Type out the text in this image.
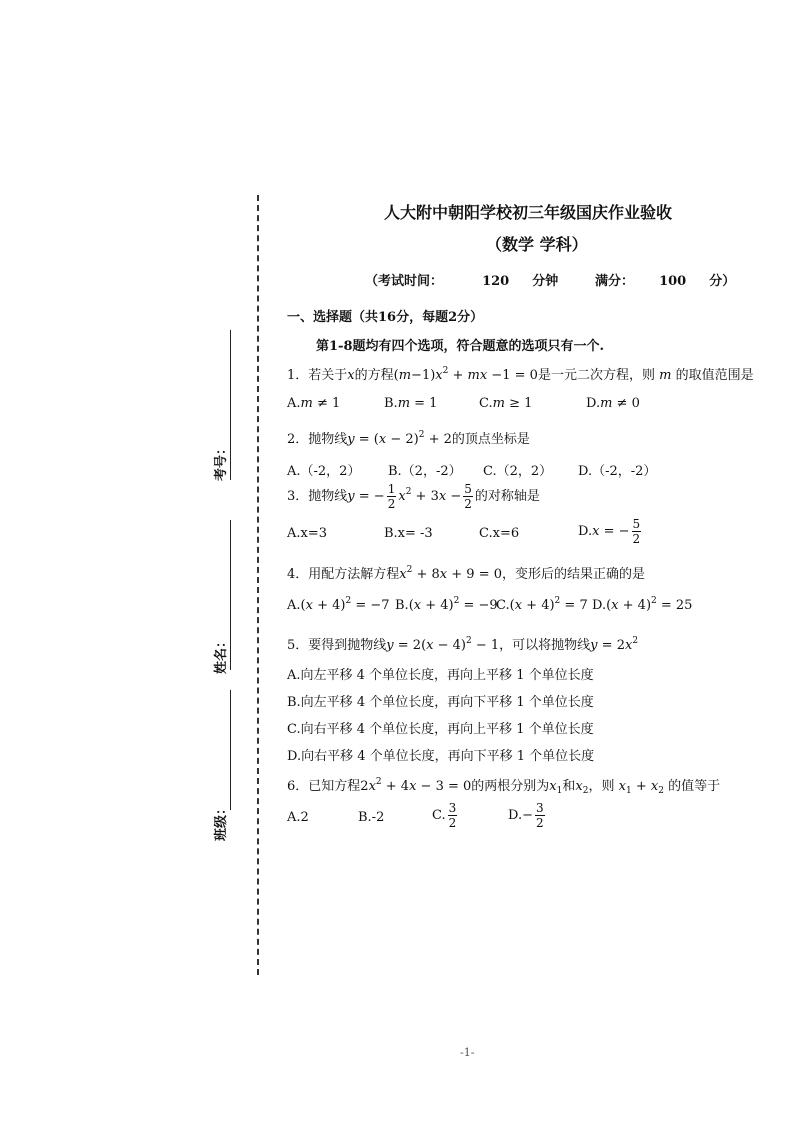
考号：
姓名：
班级：
人大附中朝阳学校初三年级国庆作业验收
（数学 学科）
（考试时间：	120 分钟	满分： 100 分）
一、选择题（共16分，每题2分）
第1-8题均有四个选项，符合题意的选项只有一个.
1．若关于x的方程$(m-1)x^2$ + mx −1 = 0是一元二次方程，则 m 的取值范围是
A.m ≠ 1	B.m = 1	C.m ≥ 1	D.m ≠ 0
2．抛物线$y = (x - 2)^2 + 2$的顶点坐标是
A.（-2，2） B.（2，-2） C.（2，2） D.（-2，-2）
3．抛物线y = − $\frac{1}{2} x^2 + 3x - \frac{5}{2}$ 的对称轴是
A.x=3	B.x= -3	C.x=6	D.x = − $\frac{5}{2}$
4．用配方法解方程$x^2 + 8x + 9 = 0$，变形后的结果正确的是
$A.(x + 4)^2 = -7$ $B.(x + 4)^2 = -9$
$C.(x + 4)^2 = 7$ $D.(x + 4)^2 = 25$
5．要得到抛物线$y = 2(x - 4)^2 - 1$，可以将抛物线$y = 2x^2$
A.向左平移 4 个单位长度，再向上平移 1 个单位长度
B.向左平移 4 个单位长度，再向下平移 1 个单位长度
C.向右平移 4 个单位长度，再向上平移 1 个单位长度
D.向右平移 4 个单位长度，再向下平移 1 个单位长度
6．已知方程$2x^2 + 4x - 3 = 0$的两根分别为$x_1$和$x_2$，则 $x_1 + x_2$ 的值等于
A.2	B.-2	C. $\frac{3}{2}$	$D.- \frac{3}{2}$
-1-
